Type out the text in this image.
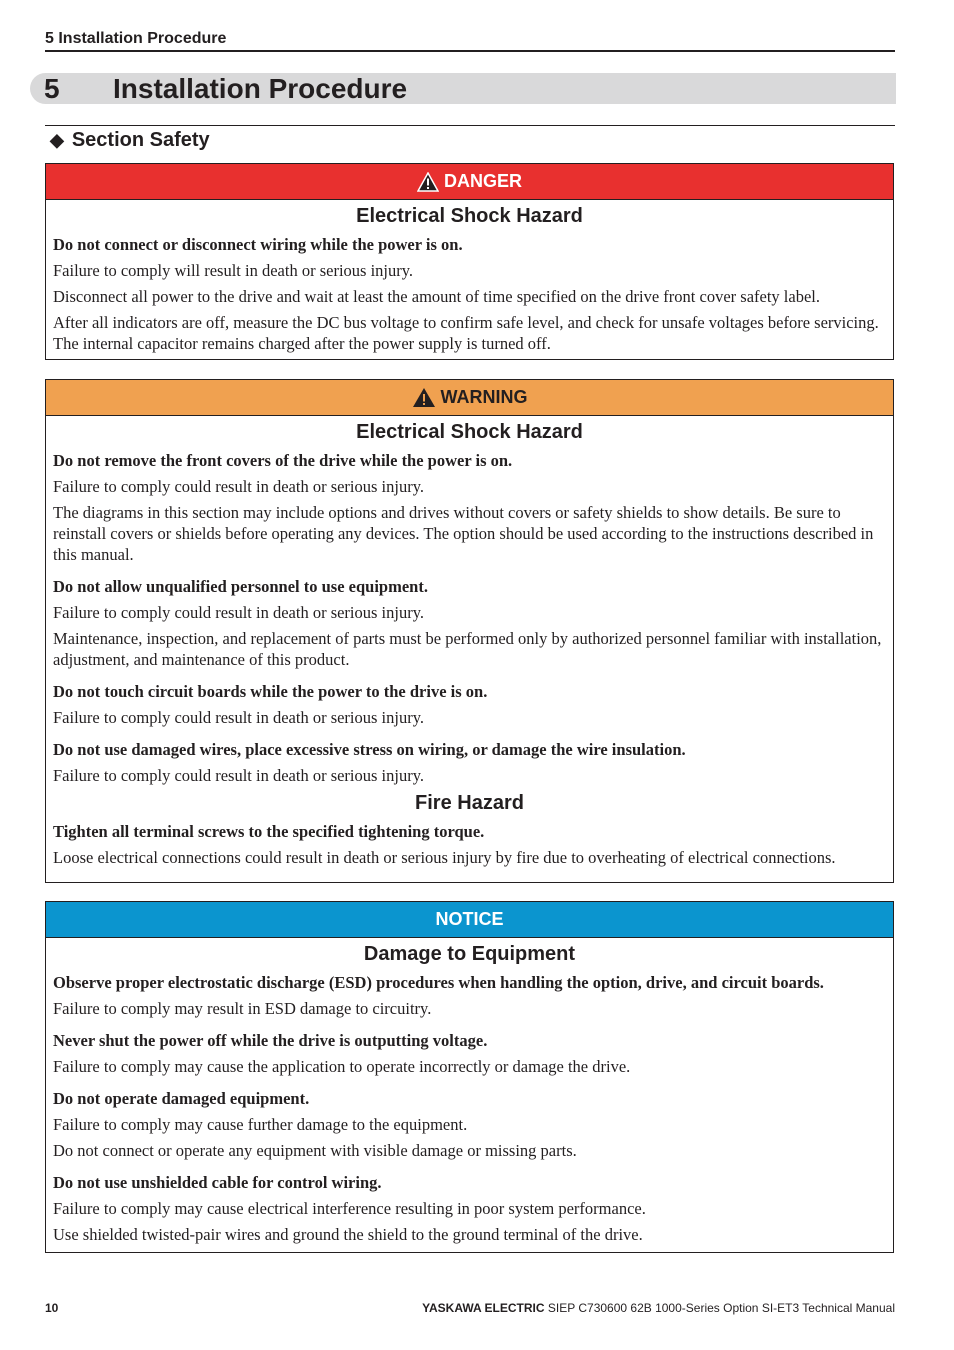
5 Installation Procedure
5 Installation Procedure
◆ Section Safety
DANGER
Electrical Shock Hazard

Do not connect or disconnect wiring while the power is on.

Failure to comply will result in death or serious injury.

Disconnect all power to the drive and wait at least the amount of time specified on the drive front cover safety label.

After all indicators are off, measure the DC bus voltage to confirm safe level, and check for unsafe voltages before servicing. The internal capacitor remains charged after the power supply is turned off.

WARNING
Electrical Shock Hazard

Do not remove the front covers of the drive while the power is on.

Failure to comply could result in death or serious injury.

The diagrams in this section may include options and drives without covers or safety shields to show details. Be sure to reinstall covers or shields before operating any devices. The option should be used according to the instructions described in this manual.

Do not allow unqualified personnel to use equipment.

Failure to comply could result in death or serious injury.

Maintenance, inspection, and replacement of parts must be performed only by authorized personnel familiar with installation, adjustment, and maintenance of this product.

Do not touch circuit boards while the power to the drive is on.

Failure to comply could result in death or serious injury.

Do not use damaged wires, place excessive stress on wiring, or damage the wire insulation.

Failure to comply could result in death or serious injury.

Fire Hazard

Tighten all terminal screws to the specified tightening torque.

Loose electrical connections could result in death or serious injury by fire due to overheating of electrical connections.

NOTICE
Damage to Equipment

Observe proper electrostatic discharge (ESD) procedures when handling the option, drive, and circuit boards.

Failure to comply may result in ESD damage to circuitry.

Never shut the power off while the drive is outputting voltage.

Failure to comply may cause the application to operate incorrectly or damage the drive.

Do not operate damaged equipment.

Failure to comply may cause further damage to the equipment.

Do not connect or operate any equipment with visible damage or missing parts.

Do not use unshielded cable for control wiring.

Failure to comply may cause electrical interference resulting in poor system performance.

Use shielded twisted-pair wires and ground the shield to the ground terminal of the drive.

10	YASKAWA ELECTRIC SIEP C730600 62B 1000-Series Option SI-ET3 Technical Manual
